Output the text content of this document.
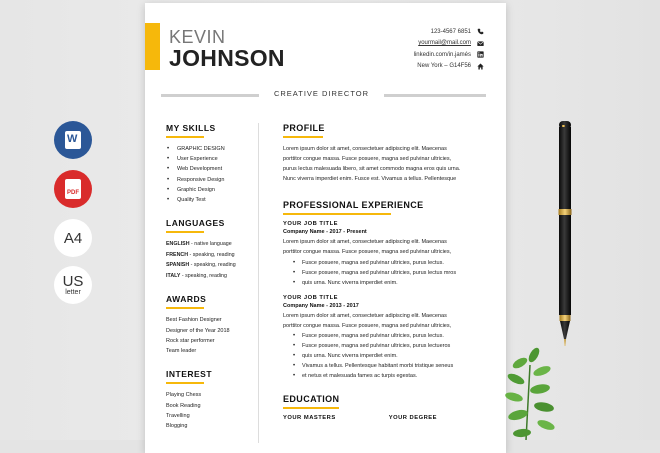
W
PDF
A4
US
letter
KEVIN
JOHNSON
123-4567 6851
yourmail@mail.com
linkedin.com/in.jamés
New York – G14F56
CREATIVE DIRECTOR
MY SKILLS
• GRAPHIC DESIGN
• User Experience
• Web Development
• Responsive Design
• Graphic Design
• Quality Test
LANGUAGES
ENGLISH - native language
FRENCH - speaking, reading
SPANISH - speaking, reading
ITALY - speaking, reading
AWARDS
Best Fashion Designer
Designer of the Year 2018
Rock star performer
Team leader
INTEREST
Playing Chess
Book Reading
Travelling
Blogging
PROFILE
Lorem ipsum dolor sit amet, consectetuer adipiscing elit. Maecenas
porttitor congue massa. Fusce posuere, magna sed pulvinar ultricies,
purus lectus malesuada libero, sit amet commodo magna eros quis urna.
Nunc viverra imperdiet enim. Fusce est. Vivamus a tellus. Pellentesque
PROFESSIONAL EXPERIENCE
YOUR JOB TITLE
Company Name - 2017 - Present
Lorem ipsum dolor sit amet, consectetuer adipiscing elit. Maecenas
porttitor congue massa. Fusce posuere, magna sed pulvinar ultricies,
• Fusce posuere, magna sed pulvinar ultricies, purus lectus.
• Fusce posuere, magna sed pulvinar ultricies, purus lectus mros
• quis urna. Nunc viverra imperdiet enim.
YOUR JOB TITLE
Company Name - 2013 - 2017
Lorem ipsum dolor sit amet, consectetuer adipiscing elit. Maecenas
porttitor congue massa. Fusce posuere, magna sed pulvinar ultricies,
• Fusce posuere, magna sed pulvinar ultricies, purus lectus.
• Fusce posuere, magna sed pulvinar ultricies, purus lectueros
• quis urna. Nunc viverra imperdiet enim.
• Vivamus a tellus. Pellentesque habitant morbi tristique seneus
• et netus et malesuada fames ac turpis egestas.
EDUCATION
YOUR MASTERS	YOUR DEGREE
